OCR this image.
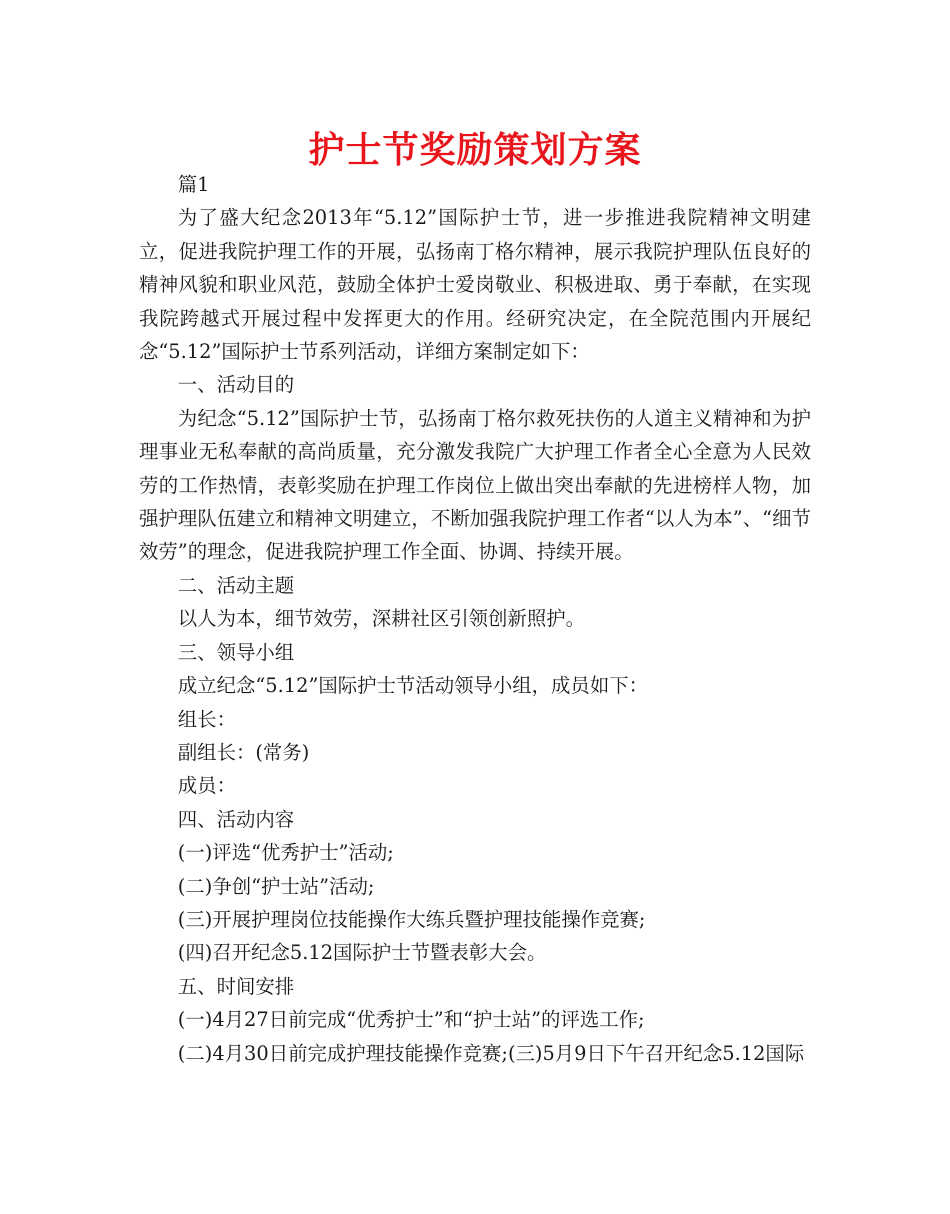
护士节奖励策划方案

篇1

为了盛大纪念2013年“5.12”国际护士节，进一步推进我院精神文明建立，促进我院护理工作的开展，弘扬南丁格尔精神，展示我院护理队伍良好的精神风貌和职业风范，鼓励全体护士爱岗敬业、积极进取、勇于奉献，在实现我院跨越式开展过程中发挥更大的作用。经研究决定，在全院范围内开展纪念“5.12”国际护士节系列活动，详细方案制定如下：

一、活动目的

为纪念“5.12”国际护士节，弘扬南丁格尔救死扶伤的人道主义精神和为护理事业无私奉献的高尚质量，充分激发我院广大护理工作者全心全意为人民效劳的工作热情，表彰奖励在护理工作岗位上做出突出奉献的先进榜样人物，加强护理队伍建立和精神文明建立，不断加强我院护理工作者“以人为本”、“细节效劳”的理念，促进我院护理工作全面、协调、持续开展。

二、活动主题

以人为本，细节效劳，深耕社区引领创新照护。

三、领导小组

成立纪念“5.12”国际护士节活动领导小组，成员如下：

组长：

副组长：(常务)

成员：

四、活动内容

(一)评选“优秀护士”活动;

(二)争创“护士站”活动;

(三)开展护理岗位技能操作大练兵暨护理技能操作竞赛;

(四)召开纪念5.12国际护士节暨表彰大会。

五、时间安排

(一)4月27日前完成“优秀护士”和“护士站”的评选工作;

(二)4月30日前完成护理技能操作竞赛;(三)5月9日下午召开纪念5.12国际
